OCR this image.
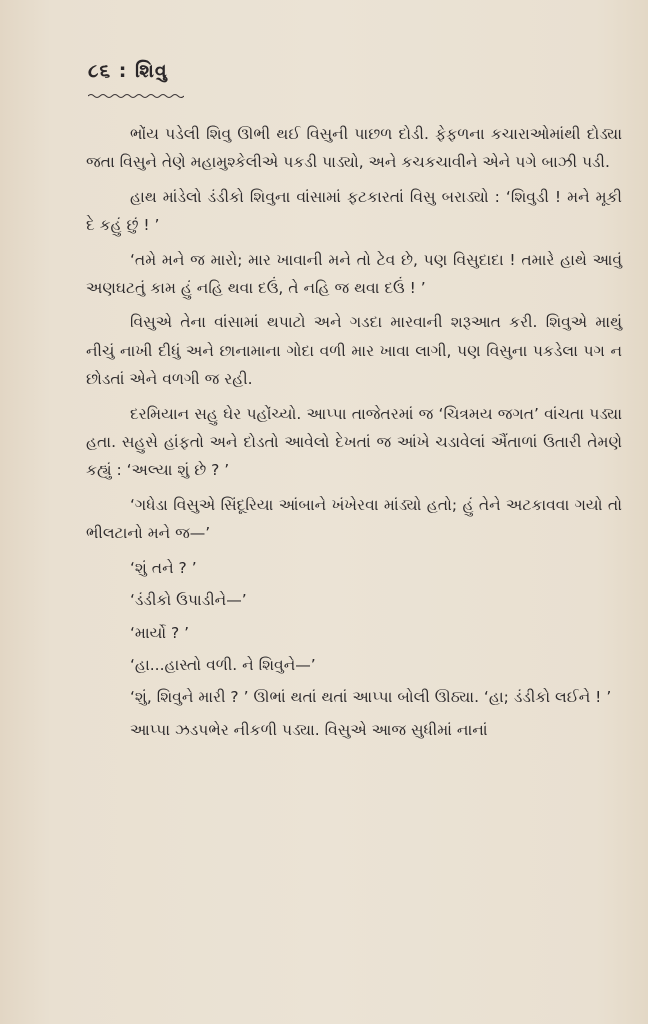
૮૬ : શિવુ

ભોંય પડેલી શિવુ ઊભી થઈ વિસુની પાછળ દોડી. ફેફળના કચારાઓમાંથી દોડ્યા જતા વિસુને તેણે મહામુશ્કેલીએ પકડી પાડ્યો, અને કચકચાવીને એને પગે બાઝી પડી.

હાથ માંડેલો ડંડીકો શિવુના વાંસામાં ફટકારતાં વિસુ બરાડ્યો : ‘શિવુડી ! મને મૂકી દે કહું છું ! ’

‘તમે મને જ મારો; માર ખાવાની મને તો ટેવ છે, પણ વિસુદાદા ! તમારે હાથે આવું અણઘટતું કામ હું નહિ થવા દઉં, તે નહિ જ થવા દઉં ! ’

વિસુએ તેના વાંસામાં થપાટો અને ગડદા મારવાની શરૂઆત કરી. શિવુએ માથું નીચું નાખી દીધું અને છાનામાના ગોદા વળી માર ખાવા લાગી, પણ વિસુના પકડેલા પગ ન છોડતાં એને વળગી જ રહી.

દરમિયાન સહુ ઘેર પહોંચ્યો. આપ્પા તાજેતરમાં જ ‘ચિત્રમય જગત’ વાંચતા પડ્યા હતા. સહુસે હાંફતો અને દોડતો આવેલો દેખતાં જ આંખે ચડાવેલાં ઐંતાળાં ઉતારી તેમણે કહ્યું : ‘અલ્યા શું છે ? ’

‘ગધેડા વિસુએ સિંદૂરિયા આંબાને ખંખેરવા માંડ્યો હતો; હું તેને અટકાવવા ગયો તો ભીલટાનો મને જ—’

‘શું તને ? ’

‘ડંડીકો ઉપાડીને—’

‘માર્યો ? ’

‘હા...હાસ્તો વળી. ને શિવુને—’

‘શું, શિવુને મારી ? ’ ઊભાં થતાં થતાં આપ્પા બોલી ઊઠ્યા. ‘હા; ડંડીકો લઈને ! ’

આપ્પા ઝડપભેર નીકળી પડ્યા. વિસુએ આજ સુધીમાં નાનાં
